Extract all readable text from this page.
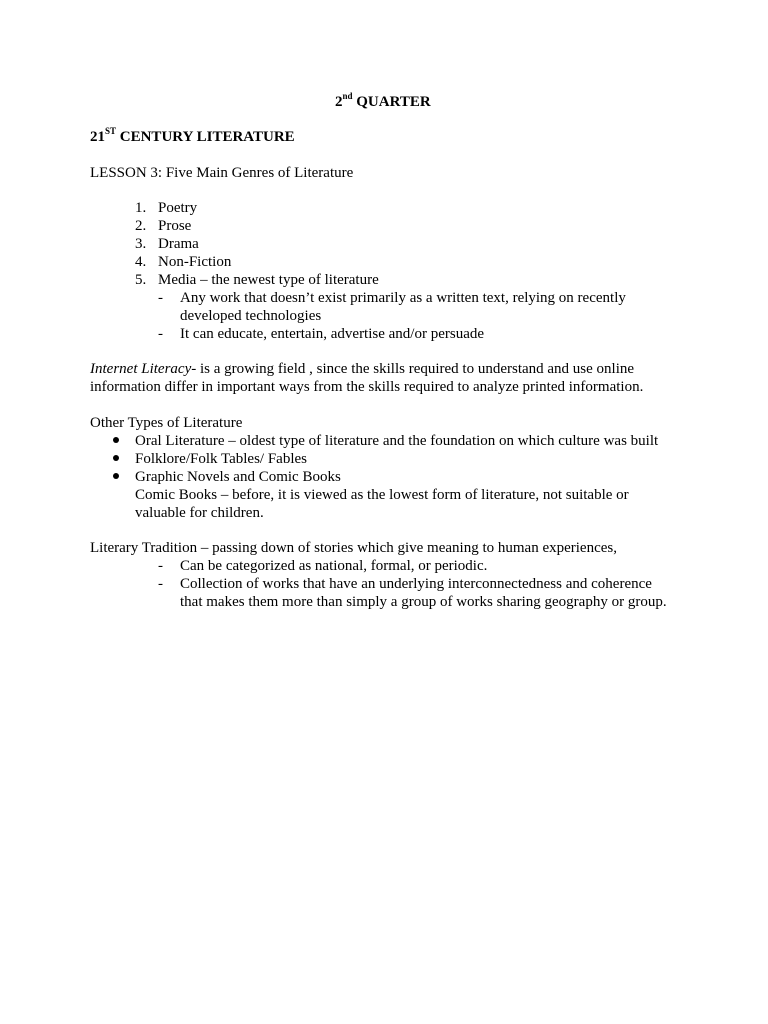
2nd QUARTER
21ST CENTURY LITERATURE
LESSON 3: Five Main Genres of Literature
1. Poetry
2. Prose
3. Drama
4. Non-Fiction
5. Media – the newest type of literature
- Any work that doesn’t exist primarily as a written text, relying on recently
developed technologies
- It can educate, entertain, advertise and/or persuade
Internet Literacy- is a growing field , since the skills required to understand and use online
information differ in important ways from the skills required to analyze printed information.
Other Types of Literature
Oral Literature – oldest type of literature and the foundation on which culture was built
Folklore/Folk Tables/ Fables
Graphic Novels and Comic Books
Comic Books – before, it is viewed as the lowest form of literature, not suitable or
valuable for children.
Literary Tradition – passing down of stories which give meaning to human experiences,
- Can be categorized as national, formal, or periodic.
- Collection of works that have an underlying interconnectedness and coherence
that makes them more than simply a group of works sharing geography or group.
